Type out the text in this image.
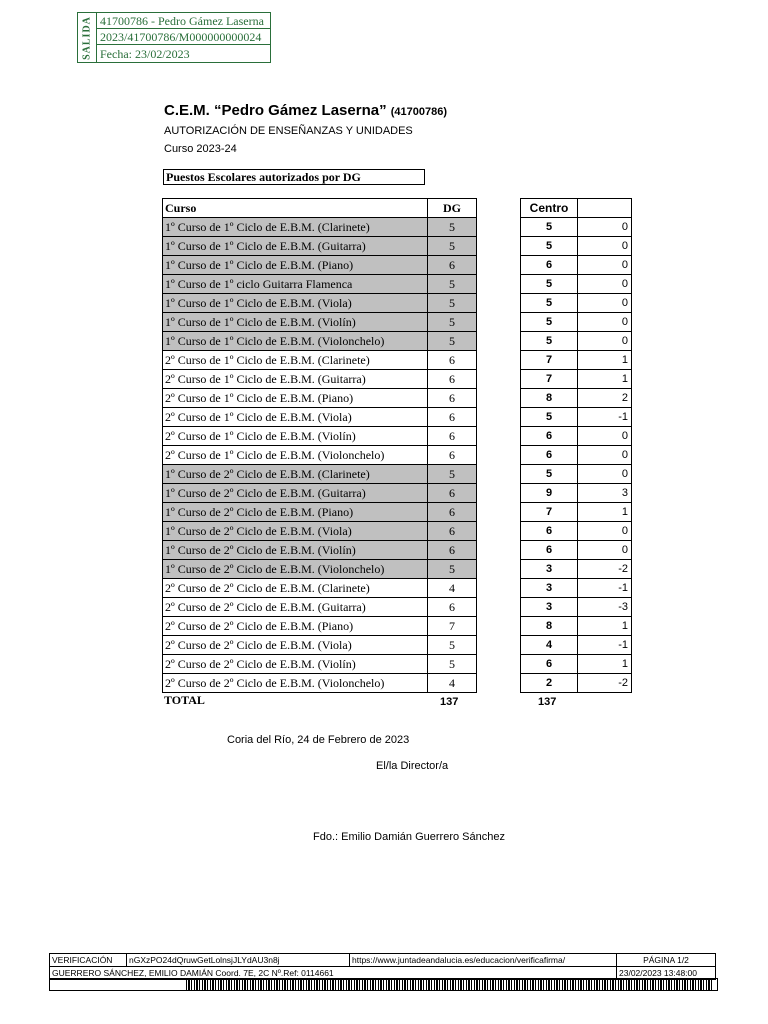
SALIDA 41700786 - Pedro Gámez Laserna
2023/41700786/M000000000024
Fecha: 23/02/2023
C.E.M. “Pedro Gámez Laserna” (41700786)
AUTORIZACIÓN DE ENSEÑANZAS Y UNIDADES
Curso 2023-24
Puestos Escolares autorizados por DG
Curso	DG
1º Curso de 1º Ciclo de E.B.M. (Clarinete)	5
1º Curso de 1º Ciclo de E.B.M. (Guitarra)	5
1º Curso de 1º Ciclo de E.B.M. (Piano)	6
1º Curso de 1º ciclo Guitarra Flamenca	5
1º Curso de 1º Ciclo de E.B.M. (Viola)	5
1º Curso de 1º Ciclo de E.B.M. (Violín)	5
1º Curso de 1º Ciclo de E.B.M. (Violonchelo)	5
2º Curso de 1º Ciclo de E.B.M. (Clarinete)	6
2º Curso de 1º Ciclo de E.B.M. (Guitarra)	6
2º Curso de 1º Ciclo de E.B.M. (Piano)	6
2º Curso de 1º Ciclo de E.B.M. (Viola)	6
2º Curso de 1º Ciclo de E.B.M. (Violín)	6
2º Curso de 1º Ciclo de E.B.M. (Violonchelo)	6
1º Curso de 2º Ciclo de E.B.M. (Clarinete)	5
1º Curso de 2º Ciclo de E.B.M. (Guitarra)	6
1º Curso de 2º Ciclo de E.B.M. (Piano)	6
1º Curso de 2º Ciclo de E.B.M. (Viola)	6
1º Curso de 2º Ciclo de E.B.M. (Violín)	6
1º Curso de 2º Ciclo de E.B.M. (Violonchelo)	5
2º Curso de 2º Ciclo de E.B.M. (Clarinete)	4
2º Curso de 2º Ciclo de E.B.M. (Guitarra)	6
2º Curso de 2º Ciclo de E.B.M. (Piano)	7
2º Curso de 2º Ciclo de E.B.M. (Viola)	5
2º Curso de 2º Ciclo de E.B.M. (Violín)	5
2º Curso de 2º Ciclo de E.B.M. (Violonchelo)	4
Centro	
5	0
5	0
6	0
5	0
5	0
5	0
5	0
7	1
7	1
8	2
5	-1
6	0
6	0
5	0
9	3
7	1
6	0
6	0
3	-2
3	-1
3	-3
8	1
4	-1
6	1
2	-2
TOTAL	137	137
Coria del Río, 24 de Febrero de 2023
El/la Director/a
Fdo.: Emilio Damián Guerrero Sánchez
VERIFICACIÓN	nGXzPO24dQruwGetLolnsjJLYdAU3n8j	https://www.juntadeandalucia.es/educacion/verificafirma/	PÁGINA 1/2
GUERRERO SÁNCHEZ, EMILIO DAMIÁN Coord. 7E, 2C Nº.Ref: 0114661			23/02/2023 13:48:00
